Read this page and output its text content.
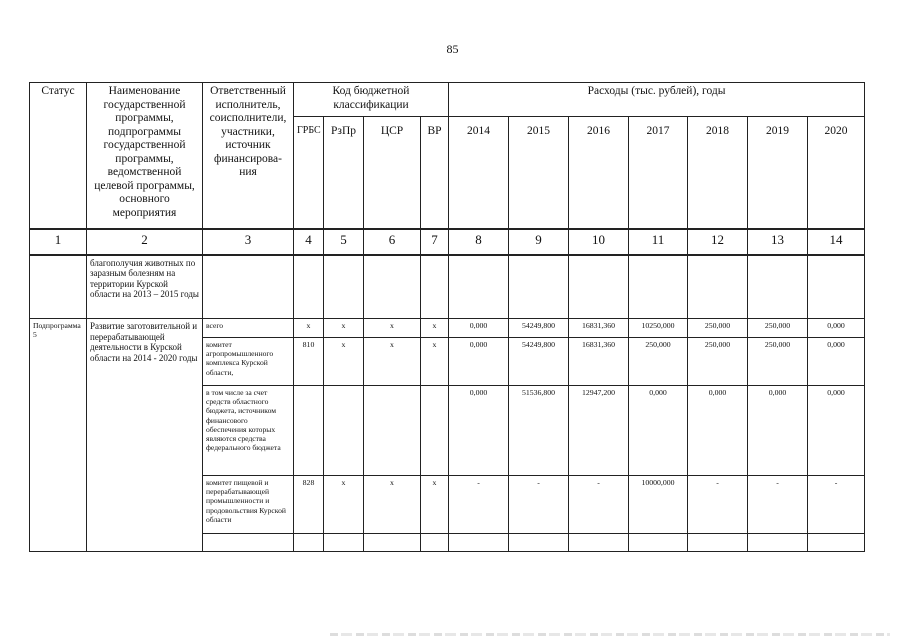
85
Статус	Наименование государственной программы, подпрограммы государственной программы, ведомственной целевой программы, основного мероприятия	Ответственный исполнитель, соисполнители, участники, источник финансирова-ния	Код бюджетной классификации				Расходы (тыс. рублей), годы						
			ГРБС	РзПр	ЦСР	ВР	2014	2015	2016	2017	2018	2019	2020
1	2	3	4	5	6	7	8	9	10	11	12	13	14
	благополучия животных по заразным болезням на территории Курской области на 2013 – 2015 годы												
Подпрограмма 5	Развитие заготовительной и перерабатывающей деятельности в Курской области на 2014 - 2020 годы	всего	x	x	x	x	0,000	54249,800	16831,360	10250,000	250,000	250,000	0,000
		комитет агропромышленного комплекса Курской области,	810	x	x	x	0,000	54249,800	16831,360	250,000	250,000	250,000	0,000
		в том числе за счет средств областного бюджета, источником финансового обеспечения которых являются средства федерального бюджета					0,000	51536,800	12947,200	0,000	0,000	0,000	0,000
		комитет пищевой и перерабатывающей промышленности и продовольствия Курской области	828	x	x	x	-	-	-	10000,000	-	-	-
